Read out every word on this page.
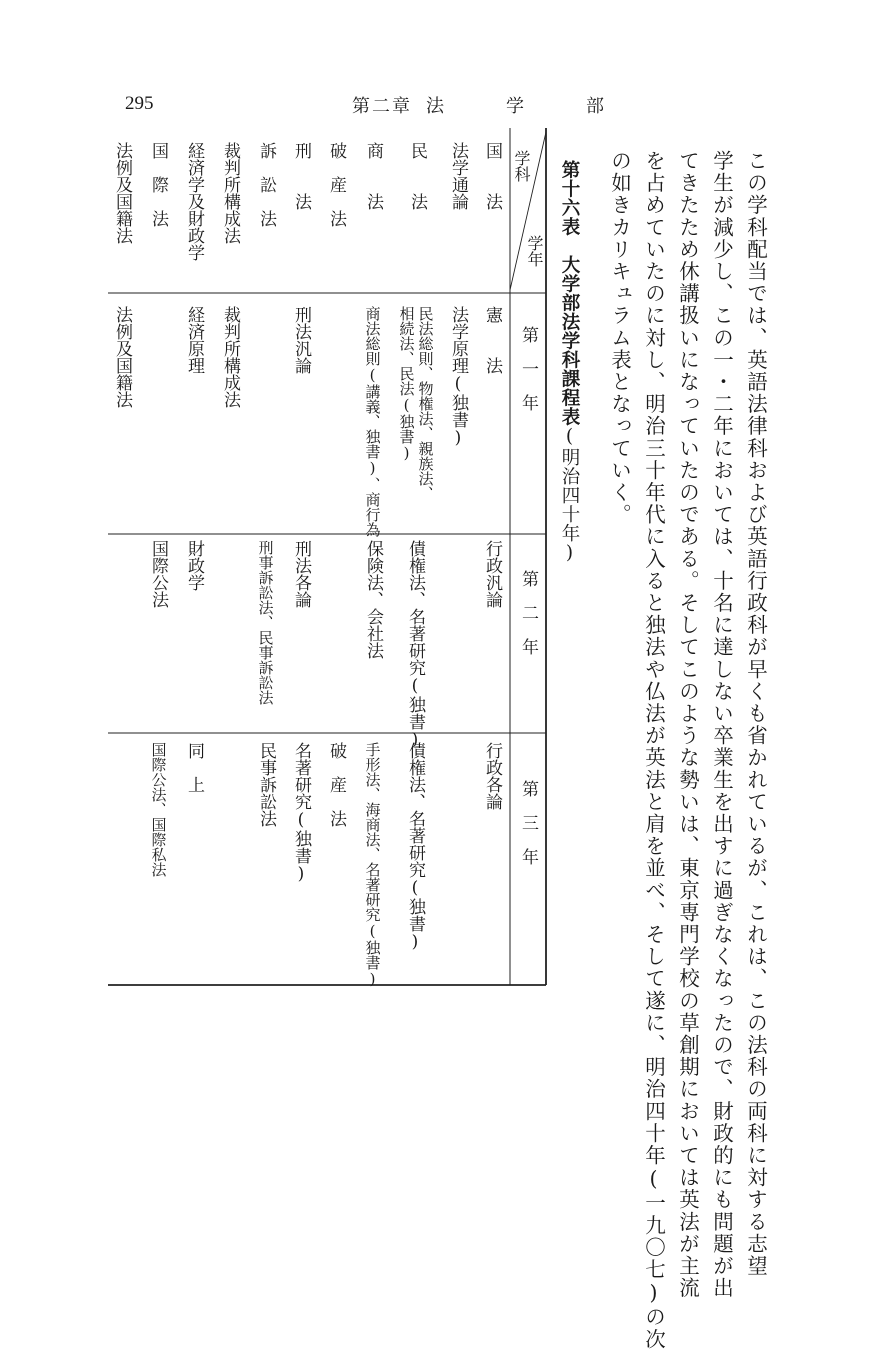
295	第二章 法　学　部
この学科配当では、英語法律科および英語行政科が早くも省かれているが、これは、この法科の両科に対する志望
学生が減少し、この一・二年においては、十名に達しない卒業生を出すに過ぎなくなったので、財政的にも問題が出
てきたため休講扱いになっていたのである。そしてこのような勢いは、東京専門学校の草創期においては英法が主流
を占めていたのに対し、明治三十年代に入ると独法や仏法が英法と肩を並べ、そして遂に、明治四十年(一九〇七)の次
の如きカリキュラム表となっていく。
第十六表　大学部法学科課程表(明治四十年)
学科
学年
第　一　年
第　二　年
第　三　年
国　　法
憲　　法
行政汎論
行政各論
法学通論
法学原理(独書)
民　　法
民法総則、物権法、親族法、
相続法、民法(独書)
債権法、名著研究(独書)
債権法、名著研究(独書)
商　　法
商法総則(講義、独書)、商行為
保険法、会社法
手形法、海商法、名著研究(独書)
破　産　法
破　産　法
刑　　法
刑法汎論
刑法各論
名著研究(独書)
訴　訟　法
刑事訴訟法、民事訴訟法
民事訴訟法
裁判所構成法
裁判所構成法
経済学及財政学
経済原理
財政学
同　上
国　際　法
国際公法
国際公法、国際私法
法例及国籍法
法例及国籍法
